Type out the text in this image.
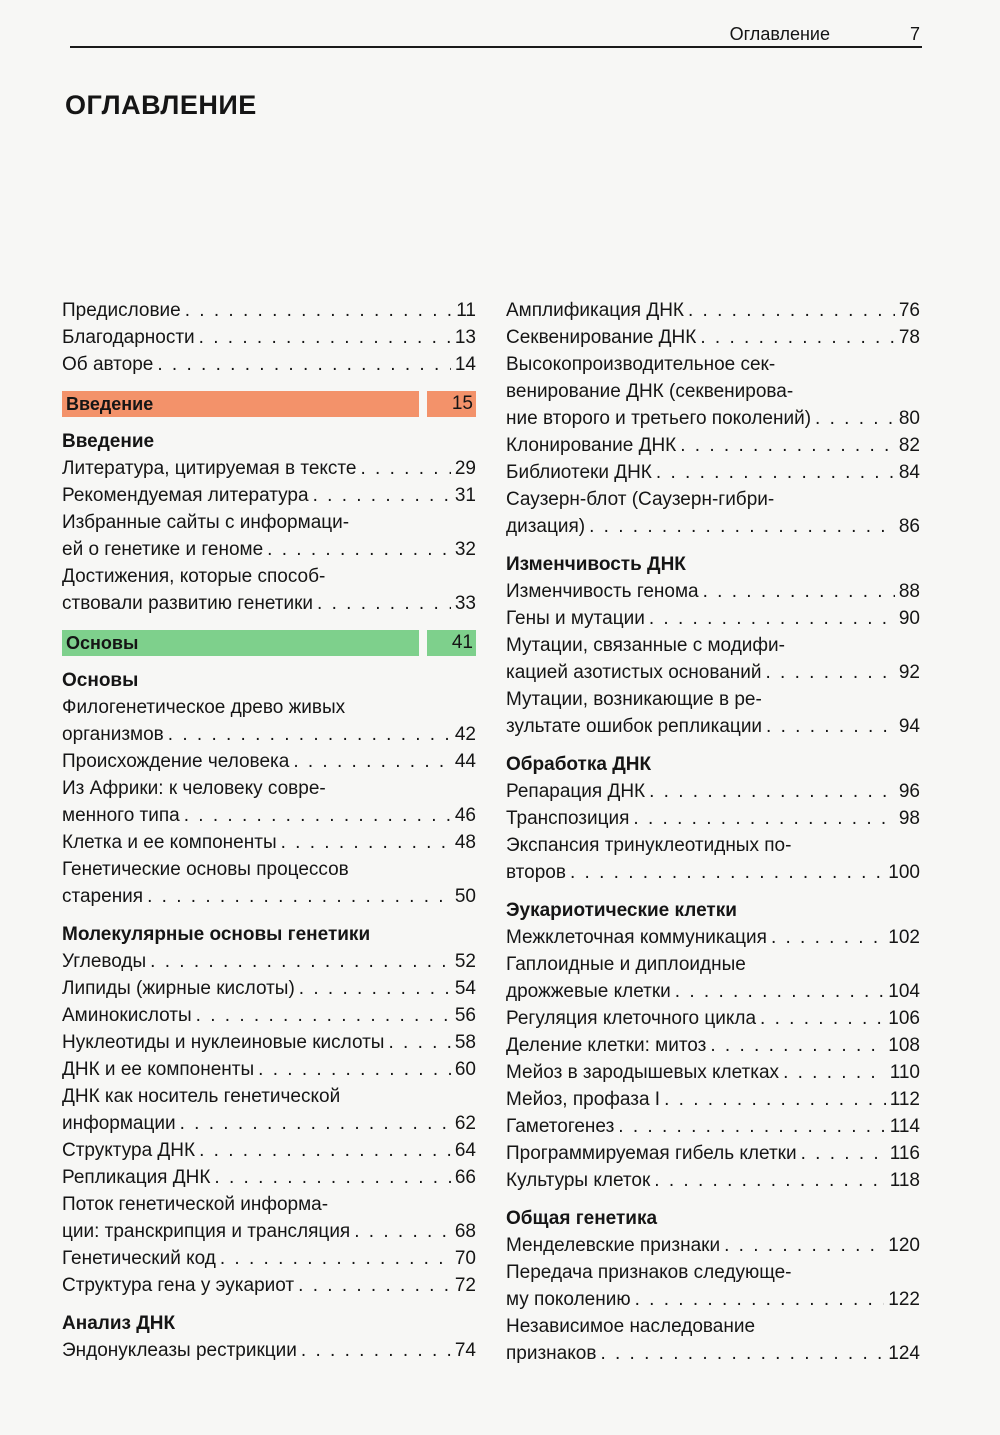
Оглавление	7
ОГЛАВЛЕНИЕ
Предисловие . . .	11
Благодарности . . .	13
Об авторе . . .	14
Введение	15
Введение
Литература, цитируемая в тексте . . .	29
Рекомендуемая литература . . .	31
Избранные сайты с информаци-
ей о генетике и геноме . . .	32
Достижения, которые способ-
ствовали развитию генетики . . .	33
Основы	41
Основы
Филогенетическое древо живых
организмов . . .	42
Происхождение человека . . .	44
Из Африки: к человеку совре-
менного типа . . .	46
Клетка и ее компоненты . . .	48
Генетические основы процессов
старения . . .	50
Молекулярные основы генетики
Углеводы . . .	52
Липиды (жирные кислоты) . . .	54
Аминокислоты . . .	56
Нуклеотиды и нуклеиновые кислоты . . .	58
ДНК и ее компоненты . . .	60
ДНК как носитель генетической
информации . . .	62
Структура ДНК . . .	64
Репликация ДНК . . .	66
Поток генетической информа-
ции: транскрипция и трансляция . . .	68
Генетический код . . .	70
Структура гена у эукариот . . .	72
Анализ ДНК
Эндонуклеазы рестрикции . . .	74
Амплификация ДНК . . .	76
Секвенирование ДНК . . .	78
Высокопроизводительное сек-
венирование ДНК (секвенирова-
ние второго и третьего поколений) . . .	80
Клонирование ДНК . . .	82
Библиотеки ДНК . . .	84
Саузерн-блот (Саузерн-гибри-
дизация) . . .	86
Изменчивость ДНК
Изменчивость генома . . .	88
Гены и мутации . . .	90
Мутации, связанные с модифи-
кацией азотистых оснований . . .	92
Мутации, возникающие в ре-
зультате ошибок репликации . . .	94
Обработка ДНК
Репарация ДНК . . .	96
Транспозиция . . .	98
Экспансия тринуклеотидных по-
второв . . .	100
Эукариотические клетки
Межклеточная коммуникация . . .	102
Гаплоидные и диплоидные
дрожжевые клетки . . .	104
Регуляция клеточного цикла . . .	106
Деление клетки: митоз . . .	108
Мейоз в зародышевых клетках . . .	110
Мейоз, профаза I . . .	112
Гаметогенез . . .	114
Программируемая гибель клетки . . .	116
Культуры клеток . . .	118
Общая генетика
Менделевские признаки . . .	120
Передача признаков следующе-
му поколению . . .	122
Независимое наследование
признаков . . .	124
